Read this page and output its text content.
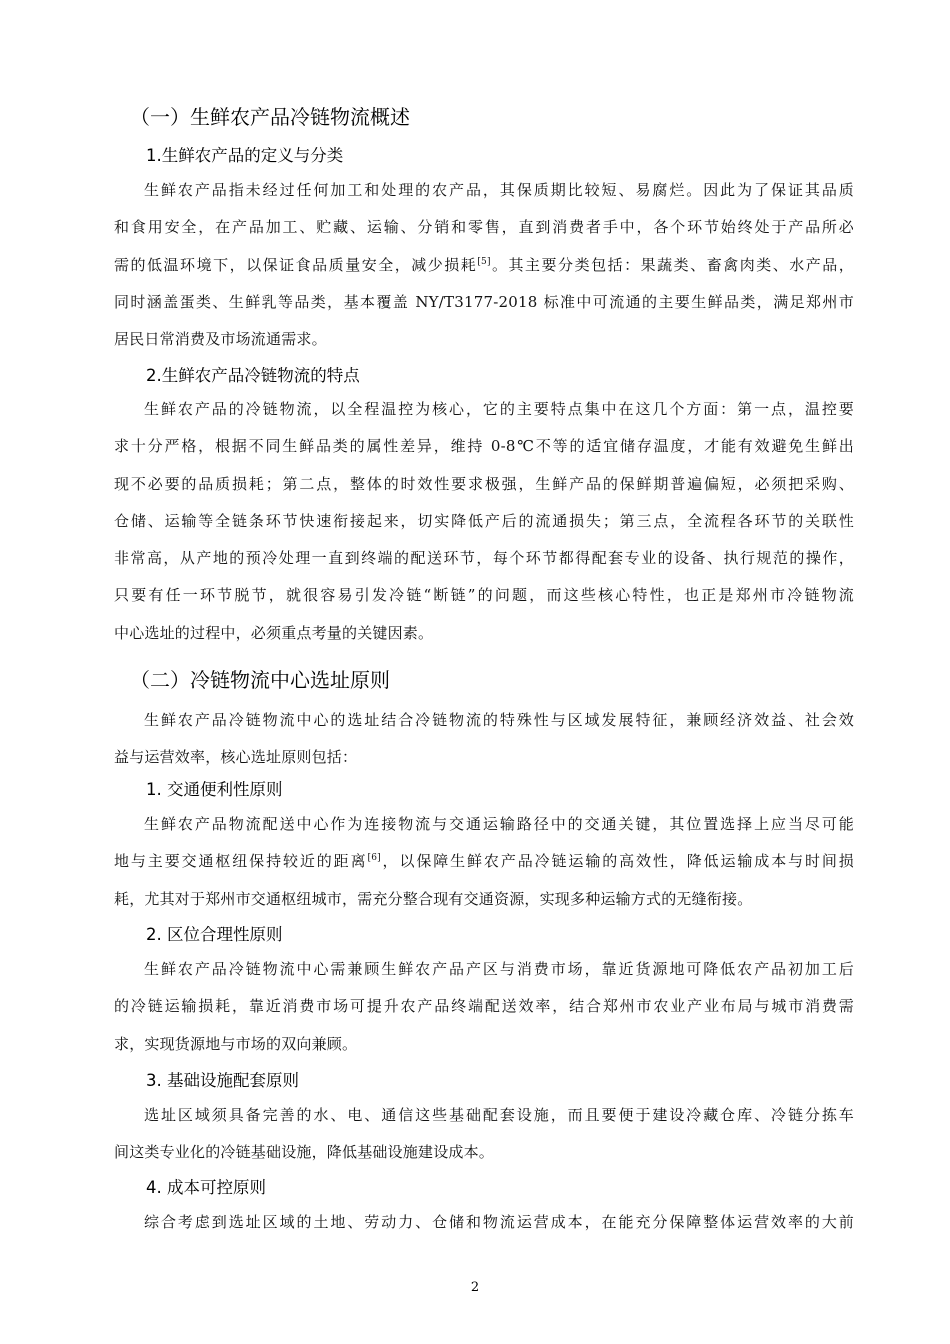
（一）生鲜农产品冷链物流概述
1.生鲜农产品的定义与分类
生鲜农产品指未经过任何加工和处理的农产品，其保质期比较短、易腐烂。因此为了保证其品质
和食用安全，在产品加工、贮藏、运输、分销和零售，直到消费者手中，各个环节始终处于产品所必
需的低温环境下，以保证食品质量安全，减少损耗[5]。其主要分类包括：果蔬类、畜禽肉类、水产品，
同时涵盖蛋类、生鲜乳等品类，基本覆盖 NY/T3177-2018 标准中可流通的主要生鲜品类，满足郑州市
居民日常消费及市场流通需求。
2.生鲜农产品冷链物流的特点
生鲜农产品的冷链物流，以全程温控为核心，它的主要特点集中在这几个方面：第一点，温控要
求十分严格，根据不同生鲜品类的属性差异，维持 0-8℃不等的适宜储存温度，才能有效避免生鲜出
现不必要的品质损耗；第二点，整体的时效性要求极强，生鲜产品的保鲜期普遍偏短，必须把采购、
仓储、运输等全链条环节快速衔接起来，切实降低产后的流通损失；第三点，全流程各环节的关联性
非常高，从产地的预冷处理一直到终端的配送环节，每个环节都得配套专业的设备、执行规范的操作，
只要有任一环节脱节，就很容易引发冷链“断链”的问题，而这些核心特性，也正是郑州市冷链物流
中心选址的过程中，必须重点考量的关键因素。
（二）冷链物流中心选址原则
生鲜农产品冷链物流中心的选址结合冷链物流的特殊性与区域发展特征，兼顾经济效益、社会效
益与运营效率，核心选址原则包括：
1. 交通便利性原则
生鲜农产品物流配送中心作为连接物流与交通运输路径中的交通关键，其位置选择上应当尽可能
地与主要交通枢纽保持较近的距离[6]，以保障生鲜农产品冷链运输的高效性，降低运输成本与时间损
耗，尤其对于郑州市交通枢纽城市，需充分整合现有交通资源，实现多种运输方式的无缝衔接。
2. 区位合理性原则
生鲜农产品冷链物流中心需兼顾生鲜农产品产区与消费市场，靠近货源地可降低农产品初加工后
的冷链运输损耗，靠近消费市场可提升农产品终端配送效率，结合郑州市农业产业布局与城市消费需
求，实现货源地与市场的双向兼顾。
3. 基础设施配套原则
选址区域须具备完善的水、电、通信这些基础配套设施，而且要便于建设冷藏仓库、冷链分拣车
间这类专业化的冷链基础设施，降低基础设施建设成本。
4. 成本可控原则
综合考虑到选址区域的土地、劳动力、仓储和物流运营成本，在能充分保障整体运营效率的大前
2
